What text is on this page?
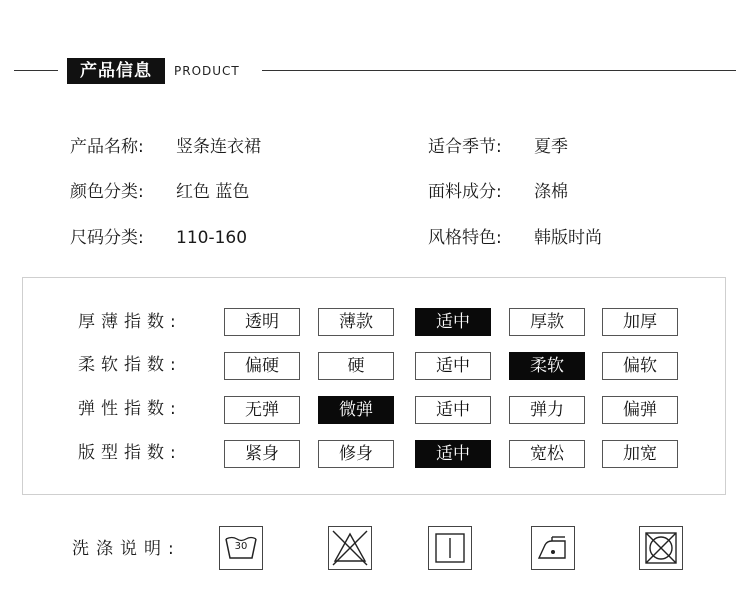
产品信息	PRODUCT
产品名称: 竖条连衣裙	适合季节: 夏季
颜色分类: 红色 蓝色	面料成分: 涤棉
尺码分类: 110-160	风格特色: 韩版时尚
厚薄指数:	透明	薄款	适中	厚款	加厚
柔软指数:	偏硬	硬	适中	柔软	偏软
弹性指数:	无弹	微弹	适中	弹力	偏弹
版型指数:	紧身	修身	适中	宽松	加宽
洗涤说明:	30
